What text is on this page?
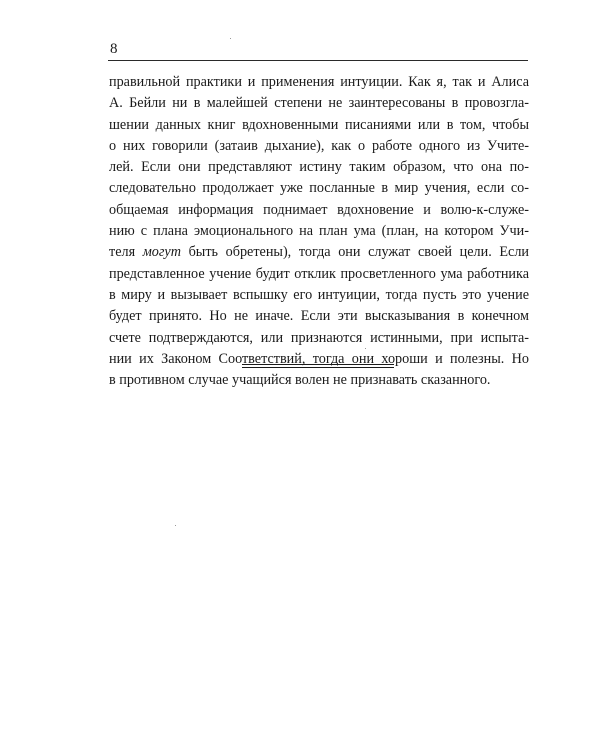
8
правильной практики и применения интуиции. Как я, так и Алиса
А. Бейли ни в малейшей степени не заинтересованы в провозгла-
шении данных книг вдохновенными писаниями или в том, чтобы
о них говорили (затаив дыхание), как о работе одного из Учите-
лей. Если они представляют истину таким образом, что она по-
следовательно продолжает уже посланные в мир учения, если со-
общаемая информация поднимает вдохновение и волю-к-служе-
нию с плана эмоционального на план ума (план, на котором Учи-
теля могут быть обретены), тогда они служат своей цели. Если
представленное учение будит отклик просветленного ума работника
в миру и вызывает вспышку его интуиции, тогда пусть это учение
будет принято. Но не иначе. Если эти высказывания в конечном
счете подтверждаются, или признаются истинными, при испыта-
нии их Законом Соответствий, тогда они хороши и полезны. Но
в противном случае учащийся волен не признавать сказанного.
